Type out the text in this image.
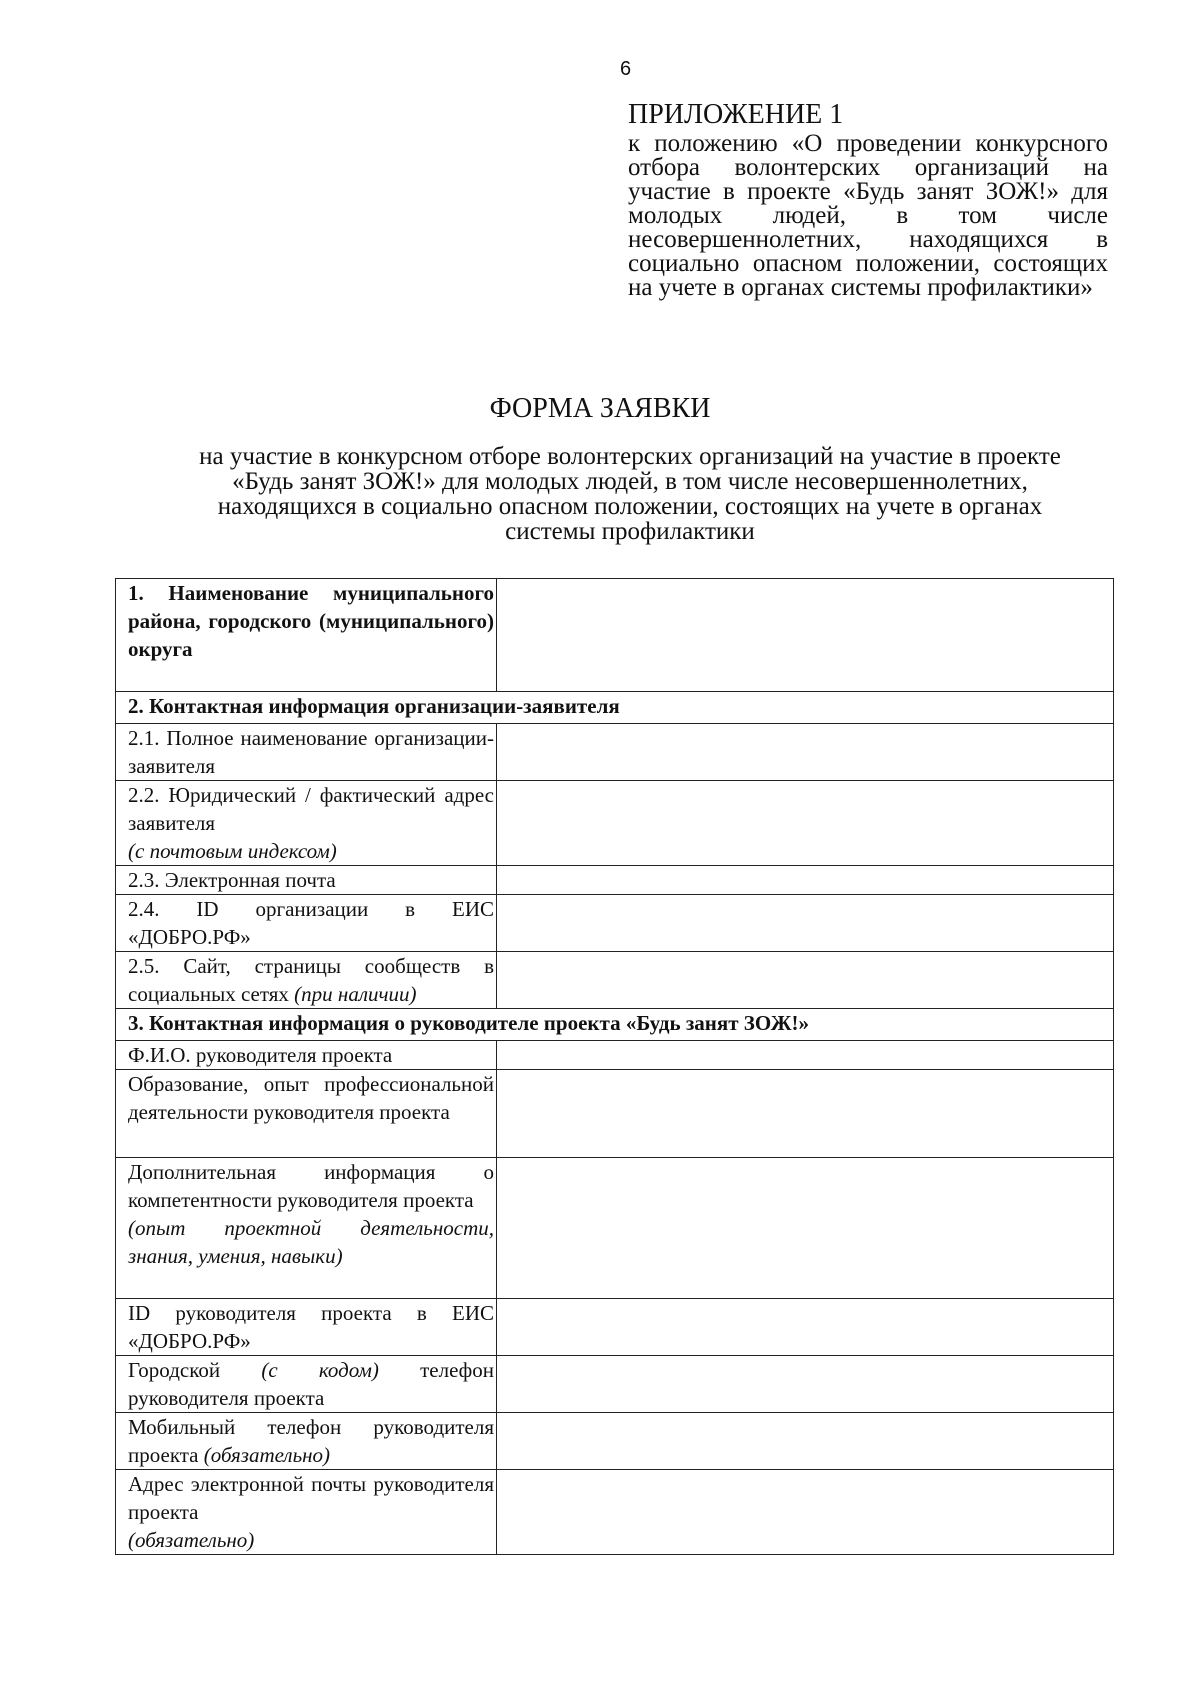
6
ПРИЛОЖЕНИЕ 1
к положению «О проведении конкурсного отбора волонтерских организаций на участие в проекте «Будь занят ЗОЖ!» для молодых людей, в том числе несовершеннолетних, находящихся в социально опасном положении, состоящих на учете в органах системы профилактики»
ФОРМА ЗАЯВКИ
на участие в конкурсном отборе волонтерских организаций на участие в проекте «Будь занят ЗОЖ!» для молодых людей, в том числе несовершеннолетних, находящихся в социально опасном положении, состоящих на учете в органах системы профилактики
1. Наименование муниципального района, городского (муниципального) округа	
2. Контактная информация организации-заявителя	
2.1. Полное наименование организации-заявителя	
2.2. Юридический / фактический адрес заявителя
(с почтовым индексом)	
2.3. Электронная почта	
2.4. ID организации в ЕИС «ДОБРО.РФ»	
2.5. Сайт, страницы сообществ в социальных сетях (при наличии)	
3. Контактная информация о руководителе проекта «Будь занят ЗОЖ!»	
Ф.И.О. руководителя проекта	
Образование, опыт профессиональной деятельности руководителя проекта	
Дополнительная информация о компетентности руководителя проекта
(опыт проектной деятельности, знания, умения, навыки)	
ID руководителя проекта в ЕИС «ДОБРО.РФ»	
Городской (с кодом) телефон руководителя проекта	
Мобильный телефон руководителя проекта (обязательно)	
Адрес электронной почты руководителя проекта
(обязательно)	
